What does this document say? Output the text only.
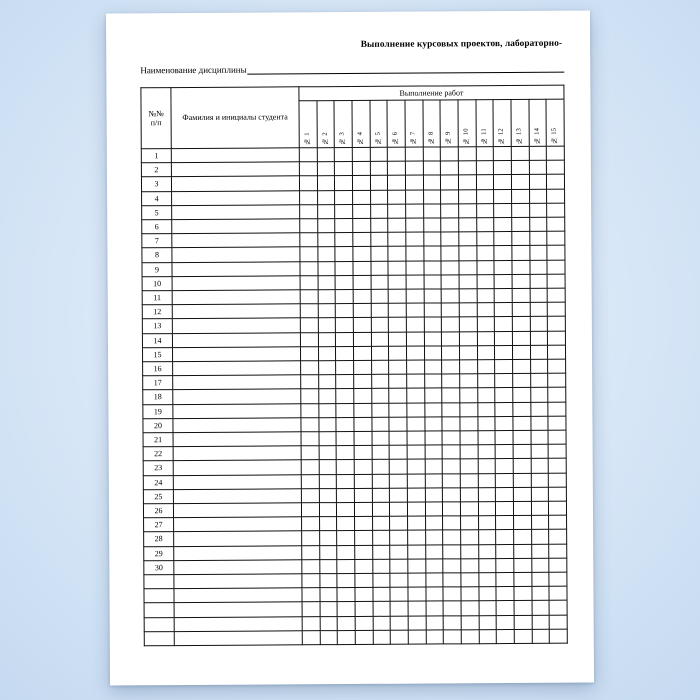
Выполнение курсовых проектов, лабораторно-
Наименование дисциплины
№№
п/п	Фамилия и инициалы студента	Выполнение работ														
		№ 1	№ 2	№ 3	№ 4	№ 5	№ 6	№ 7	№ 8	№ 9	№ 10	№ 11	№ 12	№ 13	№ 14	№ 15
1																
2																
3																
4																
5																
6																
7																
8																
9																
10																
11																
12																
13																
14																
15																
16																
17																
18																
19																
20																
21																
22																
23																
24																
25																
26																
27																
28																
29																
30																
